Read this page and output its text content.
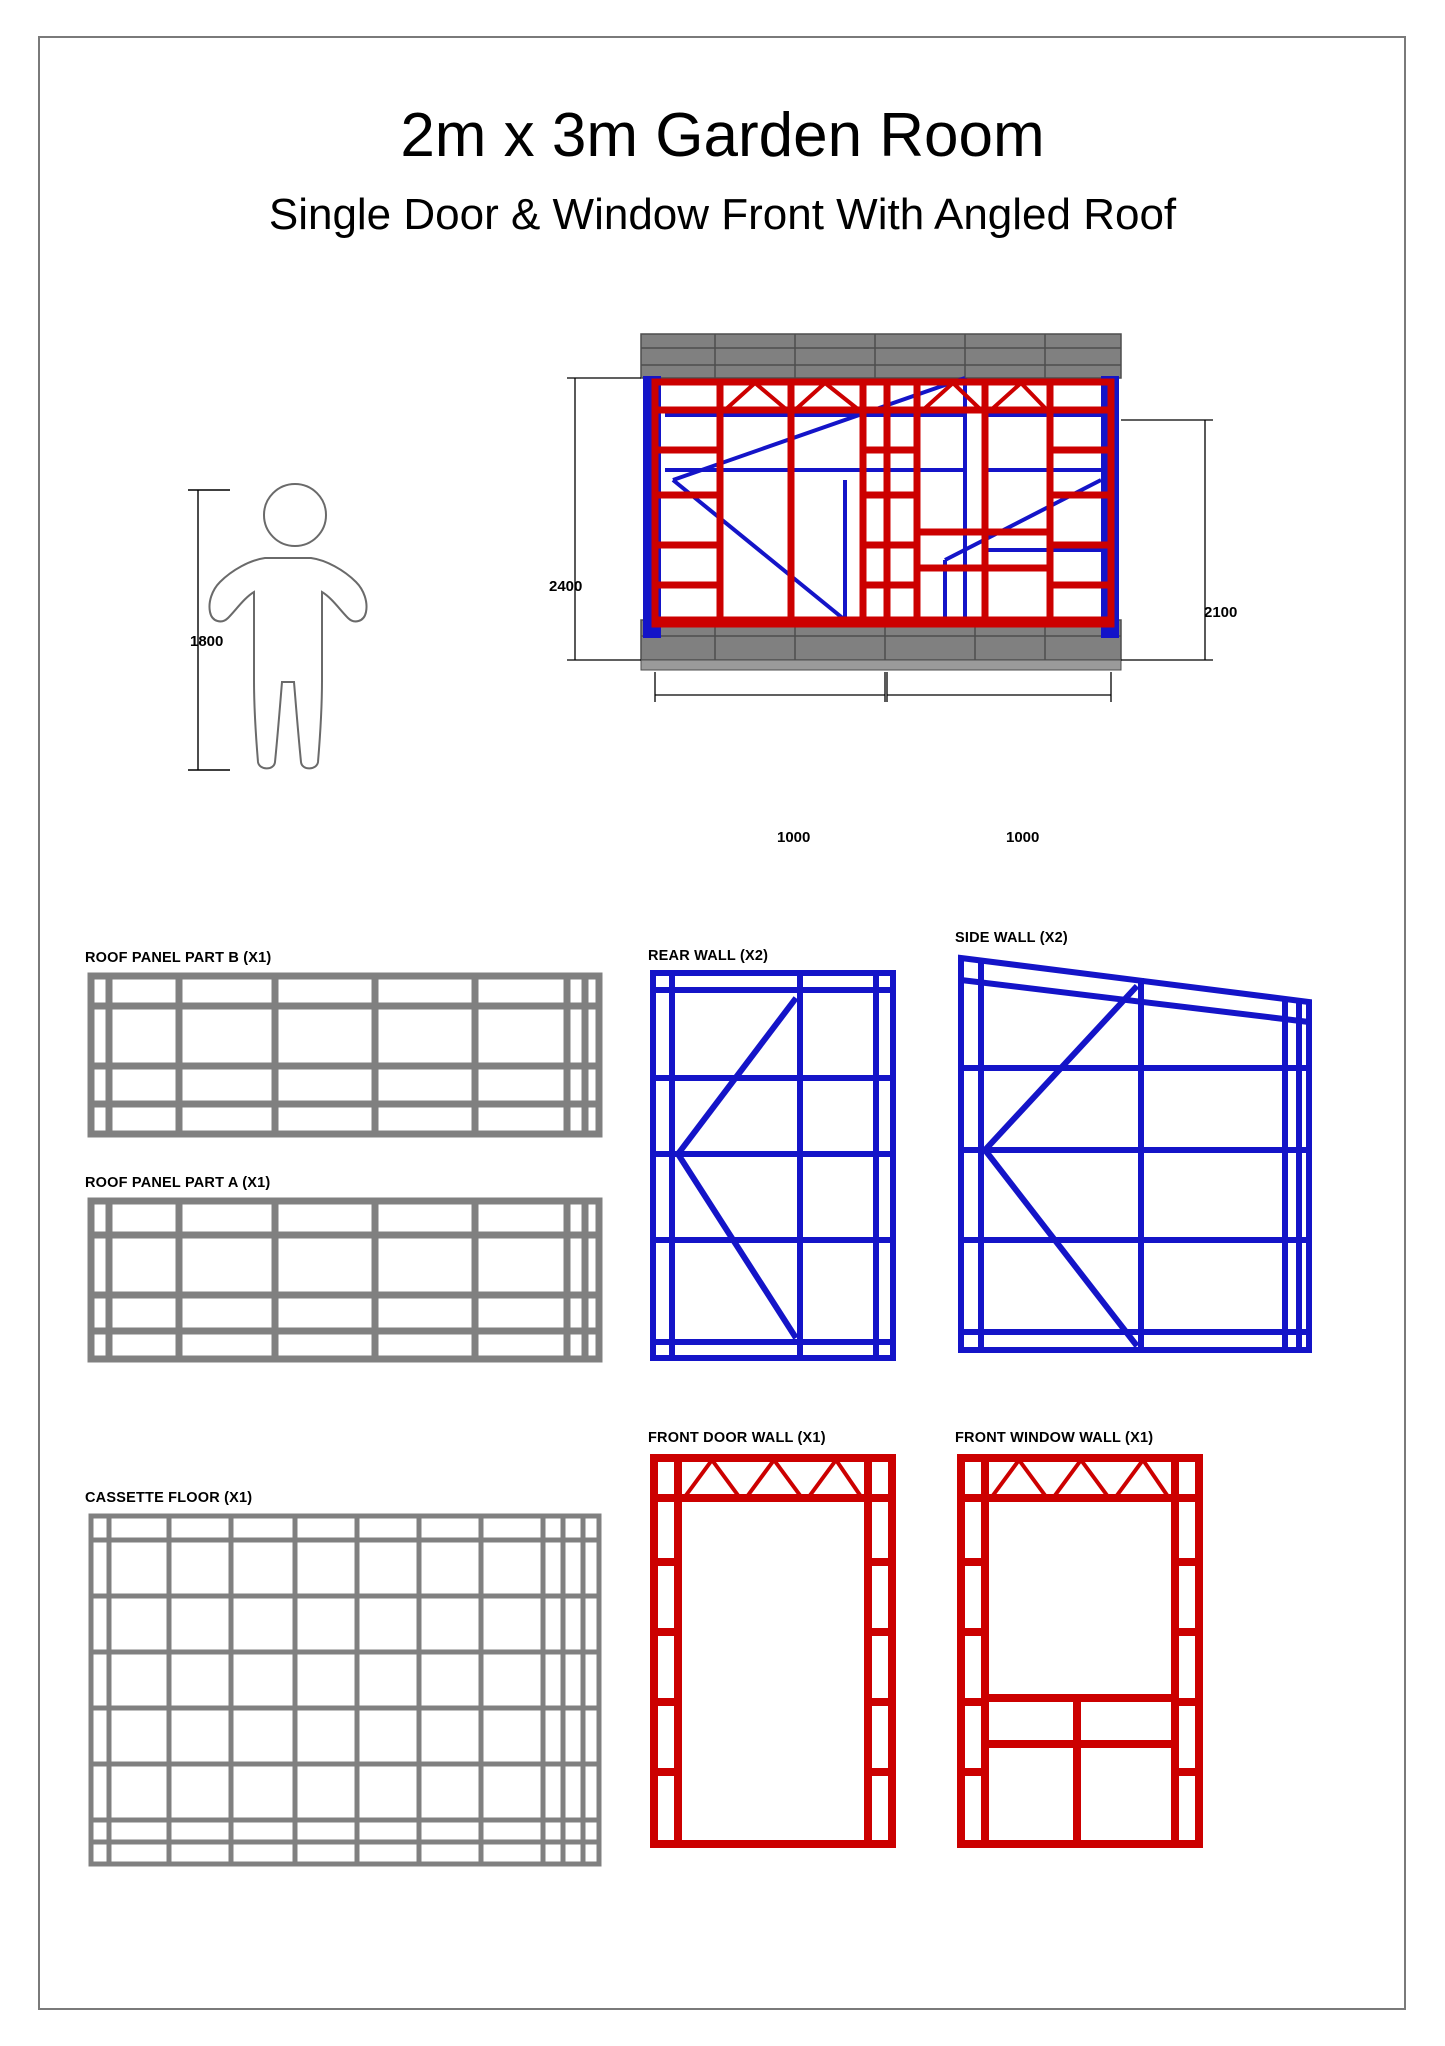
2m x 3m Garden Room
Single Door & Window Front With Angled Roof
1800
2400
2100
1000	1000
ROOF PANEL PART B (X1)
ROOF PANEL PART A (X1)
CASSETTE FLOOR (X1)
REAR WALL (X2)
SIDE WALL (X2)
FRONT DOOR WALL (X1)	FRONT WINDOW WALL (X1)
